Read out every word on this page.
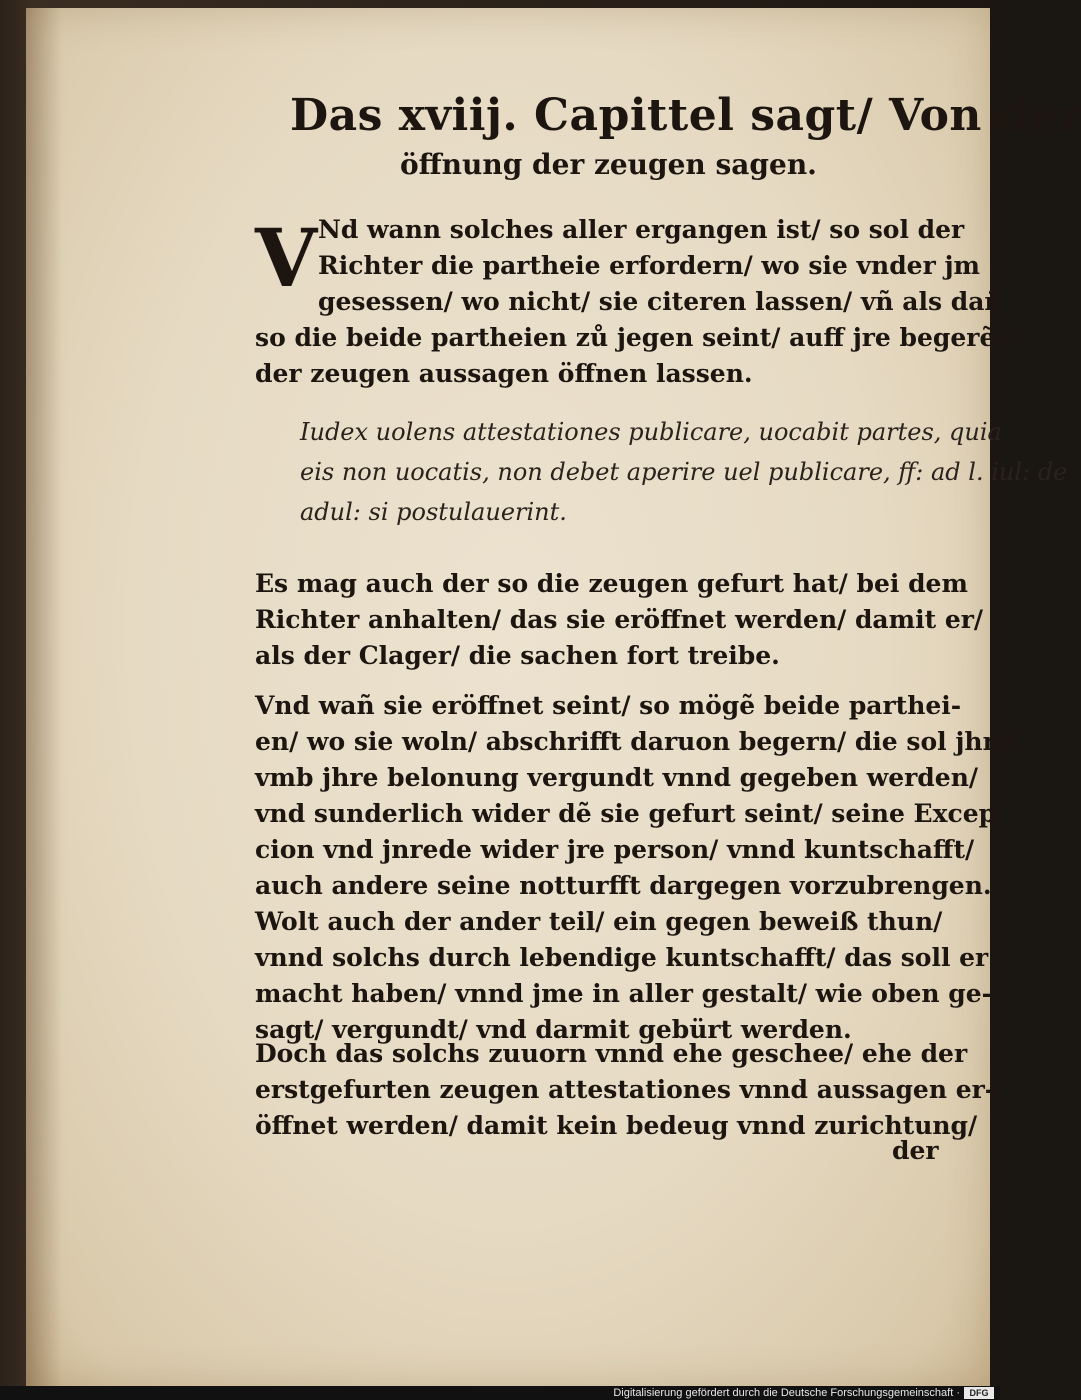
Das xviij. Capittel sagt/ Von der
öffnung der zeugen sagen.
V Nd wann solches aller ergangen ist/ so sol der
Richter die partheie erfordern/ wo sie vnder jm
gesessen/ wo nicht/ sie citeren lassen/ vñ als dañ
so die beide partheien zů jegen seint/ auff jre begerẽs/
der zeugen aussagen öffnen lassen.
Iudex uolens attestationes publicare, uocabit partes, quia
eis non uocatis, non debet aperire uel publicare, ff: ad l. iul: de
adul: si postulauerint.
Es mag auch der so die zeugen gefurt hat/ bei dem
Richter anhalten/ das sie eröffnet werden/ damit er/
als der Clager/ die sachen fort treibe.
Vnd wañ sie eröffnet seint/ so mögẽ beide parthei-
en/ wo sie woln/ abschrifft daruon begern/ die sol jhnẽ
vmb jhre belonung vergundt vnnd gegeben werden/
vnd sunderlich wider dẽ sie gefurt seint/ seine Excep-
cion vnd jnrede wider jre person/ vnnd kuntschafft/
auch andere seine notturfft dargegen vorzubrengen.
Wolt auch der ander teil/ ein gegen beweiß thun/
vnnd solchs durch lebendige kuntschafft/ das soll er
macht haben/ vnnd jme in aller gestalt/ wie oben ge-
sagt/ vergundt/ vnd darmit gebürt werden.
Doch das solchs zuuorn vnnd ehe geschee/ ehe der
erstgefurten zeugen attestationes vnnd aussagen er-
öffnet werden/ damit kein bedeug vnnd zurichtung/
der
Digitalisierung gefördert durch die Deutsche Forschungsgemeinschaft ·	DFG
